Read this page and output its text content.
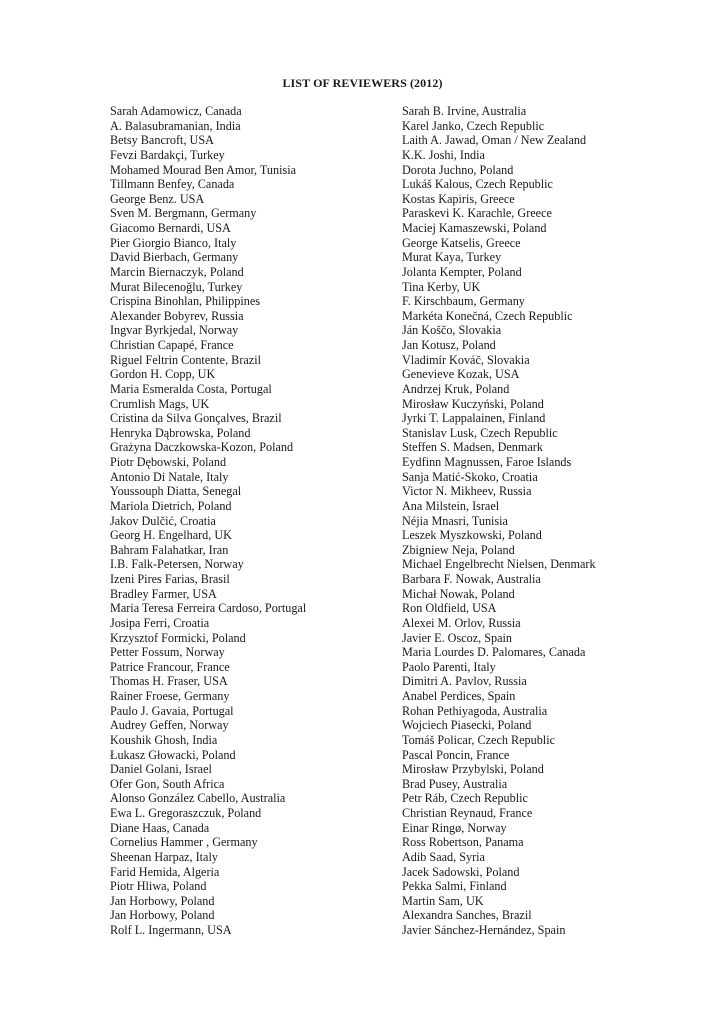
LIST OF REVIEWERS (2012)
Sarah Adamowicz, Canada
A. Balasubramanian, India
Betsy Bancroft, USA
Fevzi Bardakçi, Turkey
Mohamed Mourad Ben Amor, Tunisia
Tillmann Benfey, Canada
George Benz. USA
Sven M. Bergmann, Germany
Giacomo Bernardi, USA
Pier Giorgio Bianco, Italy
David Bierbach, Germany
Marcin Biernaczyk, Poland
Murat Bilecenoğlu, Turkey
Crispina Binohlan, Philippines
Alexander Bobyrev, Russia
Ingvar Byrkjedal, Norway
Christian Capapé, France
Riguel Feltrin Contente, Brazil
Gordon H. Copp, UK
Maria Esmeralda Costa, Portugal
Crumlish Mags, UK
Cristina da Silva Gonçalves, Brazil
Henryka Dąbrowska, Poland
Grażyna Daczkowska-Kozon, Poland
Piotr Dębowski, Poland
Antonio Di Natale, Italy
Youssouph Diatta, Senegal
Mariola Dietrich, Poland
Jakov Dulčić, Croatia
Georg H. Engelhard, UK
Bahram Falahatkar, Iran
I.B. Falk-Petersen, Norway
Izeni Pires Farias, Brasil
Bradley Farmer, USA
Maria Teresa Ferreira Cardoso, Portugal
Josipa Ferri, Croatia
Krzysztof Formicki, Poland
Petter Fossum, Norway
Patrice Francour, France
Thomas H. Fraser, USA
Rainer Froese, Germany
Paulo J. Gavaia, Portugal
Audrey Geffen, Norway
Koushik Ghosh, India
Łukasz Głowacki, Poland
Daniel Golani, Israel
Ofer Gon, South Africa
Alonso González Cabello, Australia
Ewa L. Gregoraszczuk, Poland
Diane Haas, Canada
Cornelius Hammer , Germany
Sheenan Harpaz, Italy
Farid Hemida, Algeria
Piotr Hliwa, Poland
Jan Horbowy, Poland
Jan Horbowy, Poland
Rolf L. Ingermann, USA
Sarah B. Irvine, Australia
Karel Janko, Czech Republic
Laith A. Jawad, Oman / New Zealand
K.K. Joshi, India
Dorota Juchno, Poland
Lukáš Kalous, Czech Republic
Kostas Kapiris, Greece
Paraskevi K. Karachle, Greece
Maciej Kamaszewski, Poland
George Katselis, Greece
Murat Kaya, Turkey
Jolanta Kempter, Poland
Tina Kerby, UK
F. Kirschbaum, Germany
Markéta Konečná, Czech Republic
Ján Koščo, Slovakia
Jan Kotusz, Poland
Vladimír Kováč, Slovakia
Genevieve Kozak, USA
Andrzej Kruk, Poland
Mirosław Kuczyński, Poland
Jyrki T. Lappalainen, Finland
Stanislav Lusk, Czech Republic
Steffen S. Madsen, Denmark
Eydfinn Magnussen, Faroe Islands
Sanja Matić-Skoko, Croatia
Victor N. Mikheev, Russia
Ana Milstein, Israel
Néjia Mnasri, Tunisia
Leszek Myszkowski, Poland
Zbigniew Neja, Poland
Michael Engelbrecht Nielsen, Denmark
Barbara F. Nowak, Australia
Michał Nowak, Poland
Ron Oldfield, USA
Alexei M. Orlov, Russia
Javier E. Oscoz, Spain
Maria Lourdes D. Palomares, Canada
Paolo Parenti, Italy
Dimitri A. Pavlov, Russia
Anabel Perdices, Spain
Rohan Pethiyagoda, Australia
Wojciech Piasecki, Poland
Tomáš Policar, Czech Republic
Pascal Poncin, France
Mirosław Przybylski, Poland
Brad Pusey, Australia
Petr Ráb, Czech Republic
Christian Reynaud, France
Einar Ringø, Norway
Ross Robertson, Panama
Adib Saad, Syria
Jacek Sadowski, Poland
Pekka Salmi, Finland
Martin Sam, UK
Alexandra Sanches, Brazil
Javier Sánchez-Hernández, Spain
